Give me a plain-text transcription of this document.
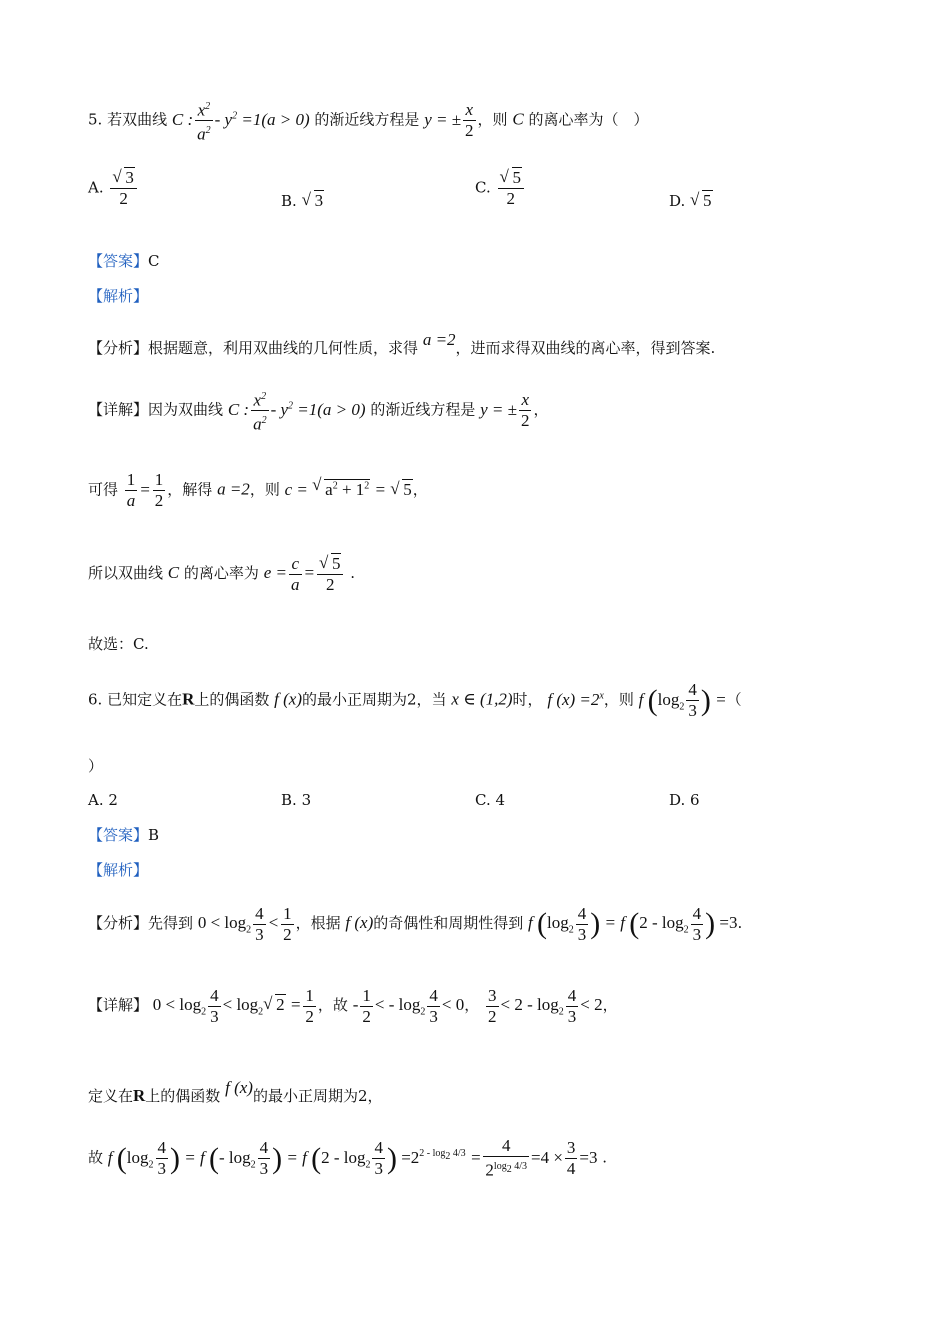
5. 若双曲线 C : $\frac{x^2}{a^2} - y^2 =1(a > 0)$ 的渐近线方程是 y = ± $\frac{x}{2}$ ，则 C 的离心率为（　）
A.
√ $\frac{3}{2}$	B. √ 3
C.
√ $\frac{5}{2}$	D. √ 5
【答案】C
【解析】
【分析】根据题意，利用双曲线的几何性质，求得 a =2，进而求得双曲线的离心率，得到答案.
【详解】因为双曲线 C : $\frac{x^2}{a^2} - y^2 =1(a > 0)$ 的渐近线方程是 y = ± $\frac{x}{2}$ ，
可得 $\frac{1}{a} = \frac{1}{2}$ ，解得 a =2，则 c = √ $a^2 + 1^2$ = √ 5，
所以双曲线 C 的离心率为 $e = \frac{c}{a}$ =
√ $\frac{5}{2}$ .
故选：C.
6. 已知定义在R上的偶函数 f (x)的最小正周期为2，当 x ∈ (1,2)时， f $(x) =2^x$，则 f ($\log_2 \frac{4}{3}$ ) =（
）
A. 2	B. 3	C. 4	D. 6
【答案】B
【解析】
【分析】先得到 $0 < \log_2 \frac{4}{3} < \frac{1}{2}$ ，根据 f (x)的奇偶性和周期性得到 f ($\log_2 \frac{4}{3}$ ) = f ($2 - \log_2 \frac{4}{3}$ ) =3.
【详解】 $0 < \log_2 \frac{4}{3} < \log_2√$ $2 = \frac{1}{2}$ ，故 - $\frac{1}{2}$ < - $\log_2 \frac{4}{3} < 0$， $\frac{3}{2} < 2 - \log_2 \frac{4}{3} < 2$，
定义在R上的偶函数 f (x)的最小正周期为2，
故 f ($\log_2 \frac{4}{3}$ ) = f (- $\log_2 \frac{4}{3}$ ) = f ($2 - \log_2 \frac{4}{3}$ ) $=2^{2 - log_2 4/3} = \frac{4}{2^{log_2 4/3}} =4 \times \frac{3}{4} =3$ .
